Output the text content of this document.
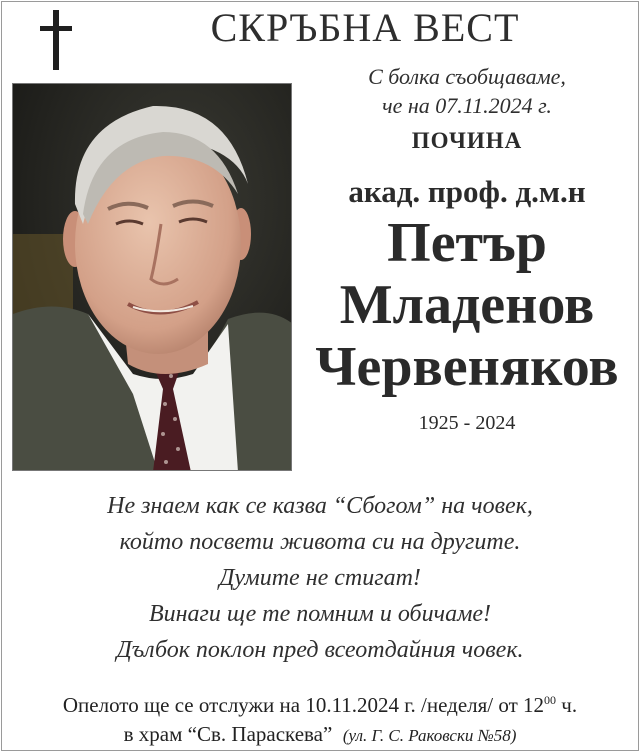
СКРЪБНА ВЕСТ
С болка съобщаваме,
че на 07.11.2024 г.
ПОЧИНА
акад. проф. д.м.н
Петър
Младенов
Червеняков
1925 - 2024
Не знаем как се казва “Сбогом” на човек,
който посвети живота си на другите.
Думите не стигат!
Винаги ще те помним и обичаме!
Дълбок поклон пред всеотдайния човек.
Опелото ще се отслужи на 10.11.2024 г. /неделя/ от $12^{00}$ ч.
в храм “Св. Параскева” (ул. Г. С. Раковски №58)
